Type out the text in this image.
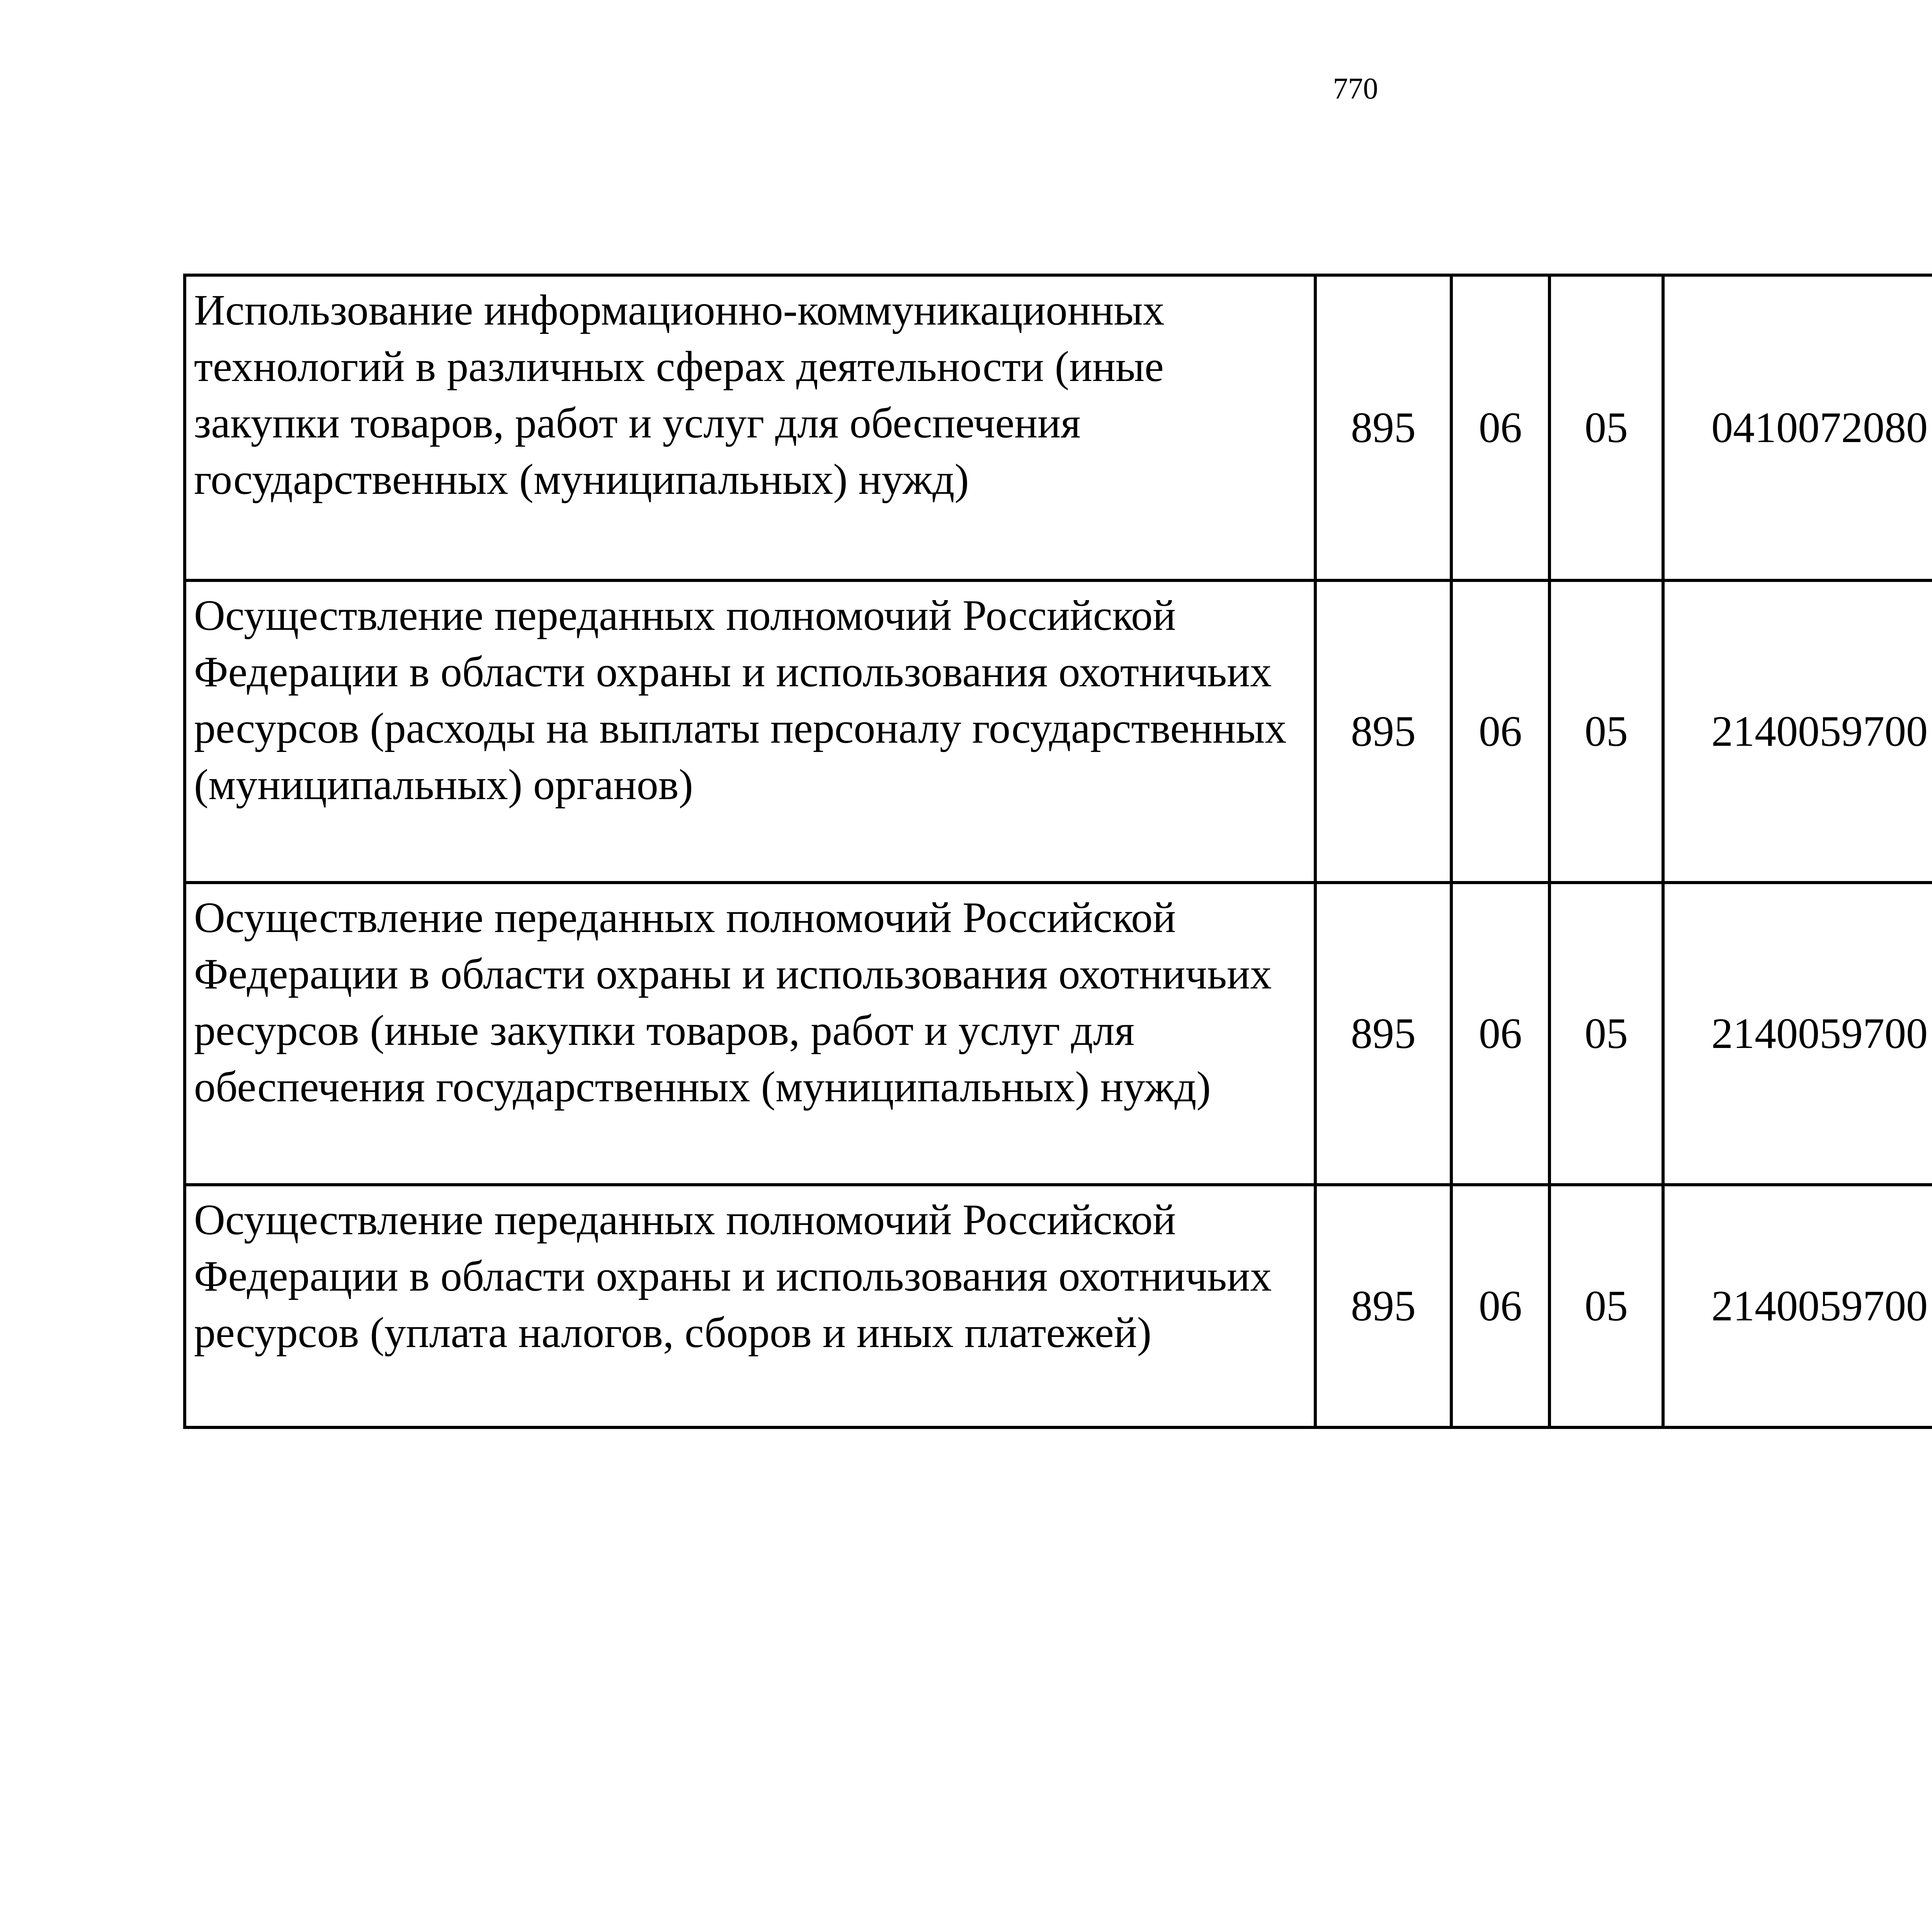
770
Использование информационно-коммуникационных технологий в различных сферах деятельности (иные закупки товаров, работ и услуг для обеспечения государственных (муниципальных) нужд)	895	06	05	0410072080		
Осуществление переданных полномочий Российской Федерации в области охраны и использования охотничьих ресурсов (расходы на выплаты персоналу государственных (муниципальных) органов)	895	06	05	2140059700		
Осуществление переданных полномочий Российской Федерации в области охраны и использования охотничьих ресурсов (иные закупки товаров, работ и услуг для обеспечения государственных (муниципальных) нужд)	895	06	05	2140059700		
Осуществление переданных полномочий Российской Федерации в области охраны и использования охотничьих ресурсов (уплата налогов, сборов и иных платежей)	895	06	05	2140059700		
